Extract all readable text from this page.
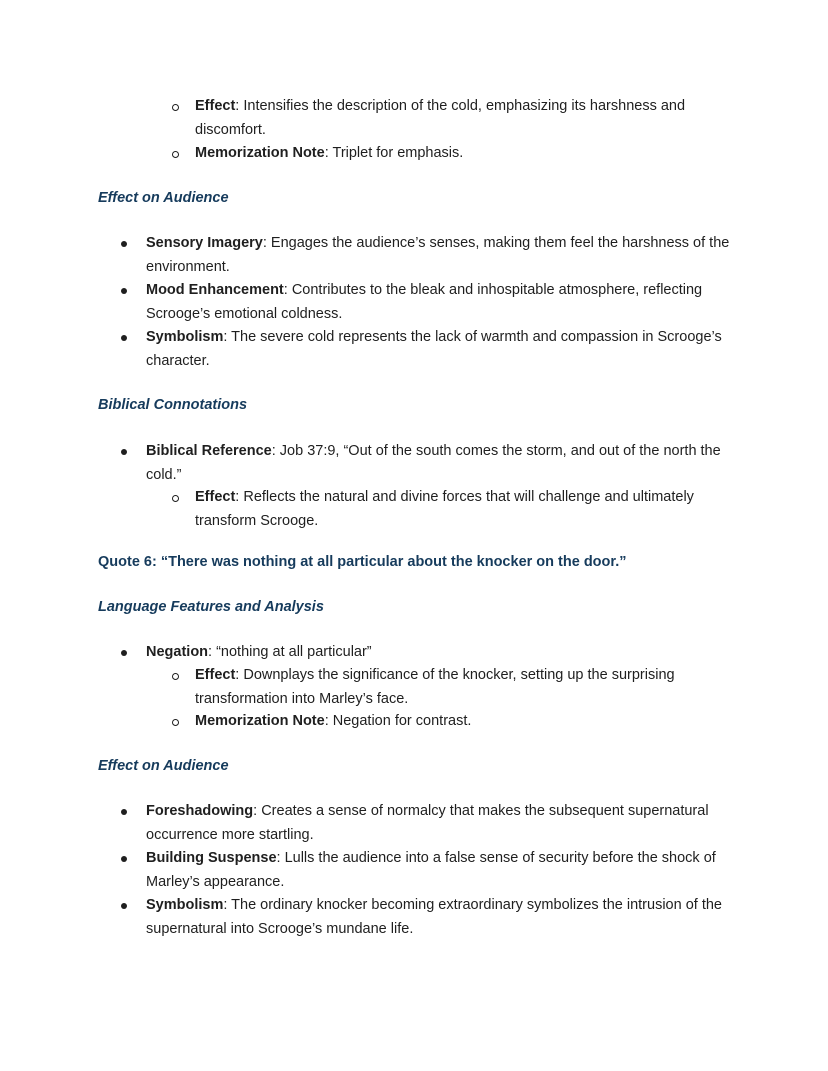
Effect: Intensifies the description of the cold, emphasizing its harshness and discomfort.
Memorization Note: Triplet for emphasis.
Effect on Audience
Sensory Imagery: Engages the audience’s senses, making them feel the harshness of the environment.
Mood Enhancement: Contributes to the bleak and inhospitable atmosphere, reflecting Scrooge’s emotional coldness.
Symbolism: The severe cold represents the lack of warmth and compassion in Scrooge’s character.
Biblical Connotations
Biblical Reference: Job 37:9, “Out of the south comes the storm, and out of the north the cold.”
Effect: Reflects the natural and divine forces that will challenge and ultimately transform Scrooge.
Quote 6: “There was nothing at all particular about the knocker on the door.”
Language Features and Analysis
Negation: “nothing at all particular”
Effect: Downplays the significance of the knocker, setting up the surprising transformation into Marley’s face.
Memorization Note: Negation for contrast.
Effect on Audience
Foreshadowing: Creates a sense of normalcy that makes the subsequent supernatural occurrence more startling.
Building Suspense: Lulls the audience into a false sense of security before the shock of Marley’s appearance.
Symbolism: The ordinary knocker becoming extraordinary symbolizes the intrusion of the supernatural into Scrooge’s mundane life.
